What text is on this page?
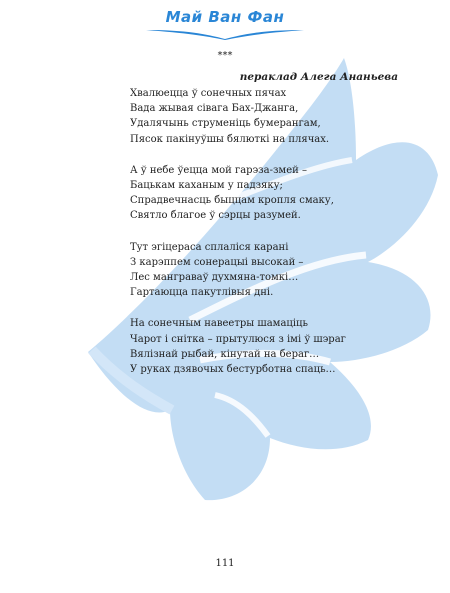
Май Ван Фан
***
пераклад Алега Ананьева
Хвалюецца ў сонечных пячах
Вада жывая сівага Бах-Джанга,
Удалячынь струменіць бумерангам,
Пясок пакінуўшы бялюткі на плячах.
А ў небе ўецца мой гарэза-змей –
Бацькам каханым у падзяку;
Спрадвечнасць быццам кропля смаку,
Святло благое ў сэрцы разумей.
Тут эгіцераса сплаліся карані
З карэппем сонерацыі высокай –
Лес манграваў духмяна-томкі…
Гартаюцца пакутлівыя дні.
На сонечным навеетры шамаціць
Чарот і снітка – прытулюся з імі ў шэраг
Вялізнай рыбай, кінутай на бераг…
У руках дзявочых бестурботна спаць…
111
